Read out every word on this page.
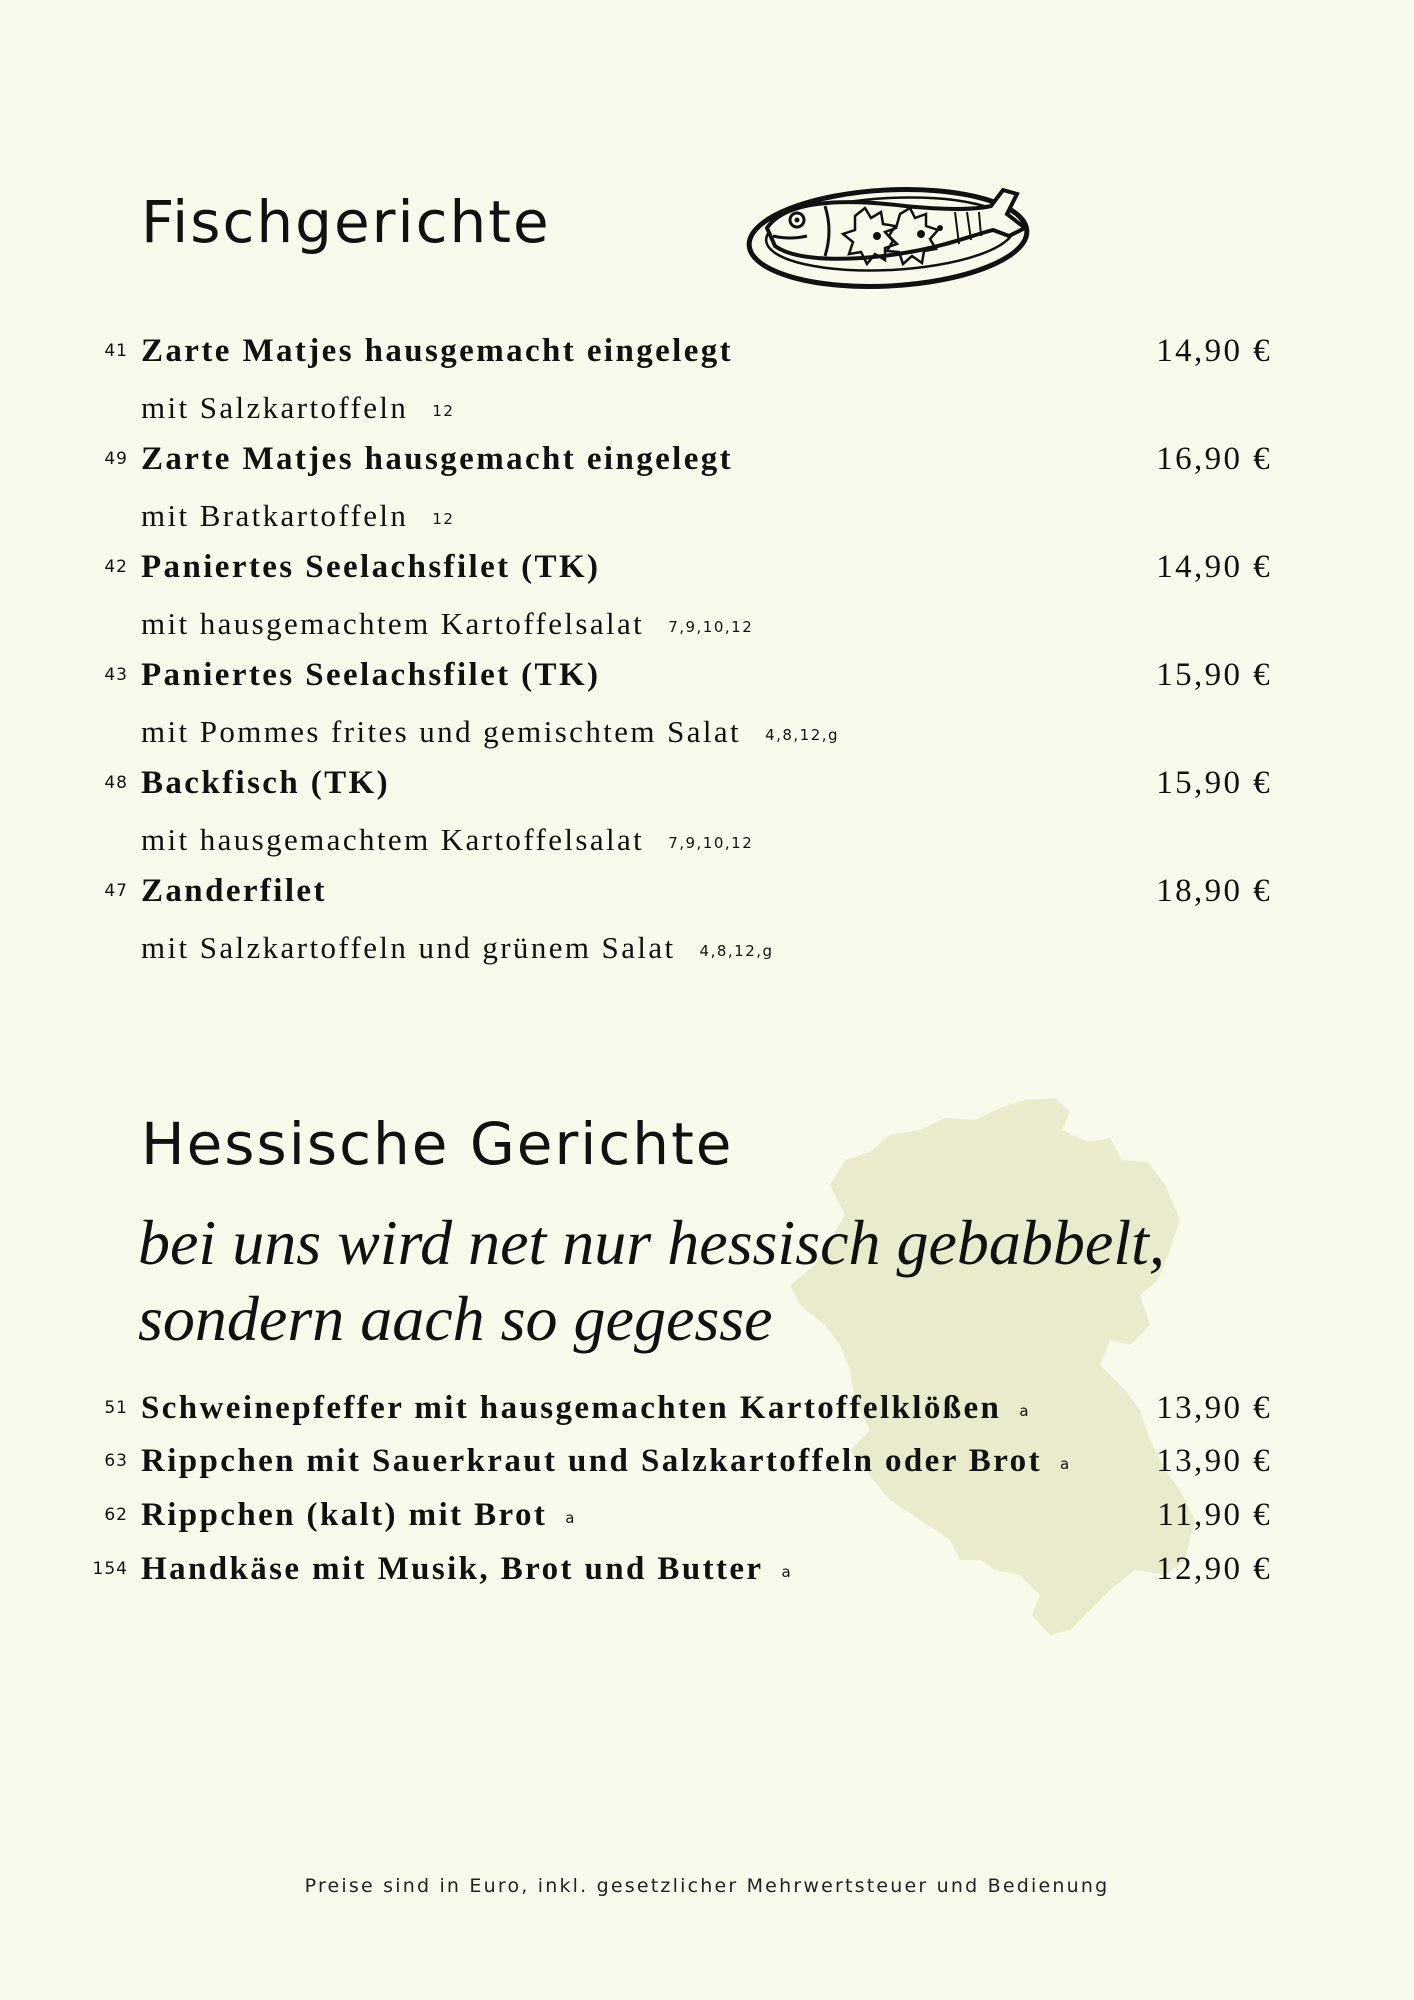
Fischgerichte
41 Zarte Matjes hausgemacht eingelegt	14,90 €
mit Salzkartoffeln 12
49 Zarte Matjes hausgemacht eingelegt	16,90 €
mit Bratkartoffeln 12
42 Paniertes Seelachsfilet (TK)	14,90 €
mit hausgemachtem Kartoffelsalat 7,9,10,12
43 Paniertes Seelachsfilet (TK)	15,90 €
mit Pommes frites und gemischtem Salat 4,8,12,g
48 Backfisch (TK)	15,90 €
mit hausgemachtem Kartoffelsalat 7,9,10,12
47 Zanderfilet	18,90 €
mit Salzkartoffeln und grünem Salat 4,8,12,g
Hessische Gerichte
bei uns wird net nur hessisch gebabbelt,
sondern aach so gegesse
51 Schweinepfeffer mit hausgemachten Kartoffelklößen a	13,90 €
63 Rippchen mit Sauerkraut und Salzkartoffeln oder Brot a	13,90 €
62 Rippchen (kalt) mit Brot a	11,90 €
154 Handkäse mit Musik, Brot und Butter a	12,90 €
Preise sind in Euro, inkl. gesetzlicher Mehrwertsteuer und Bedienung
